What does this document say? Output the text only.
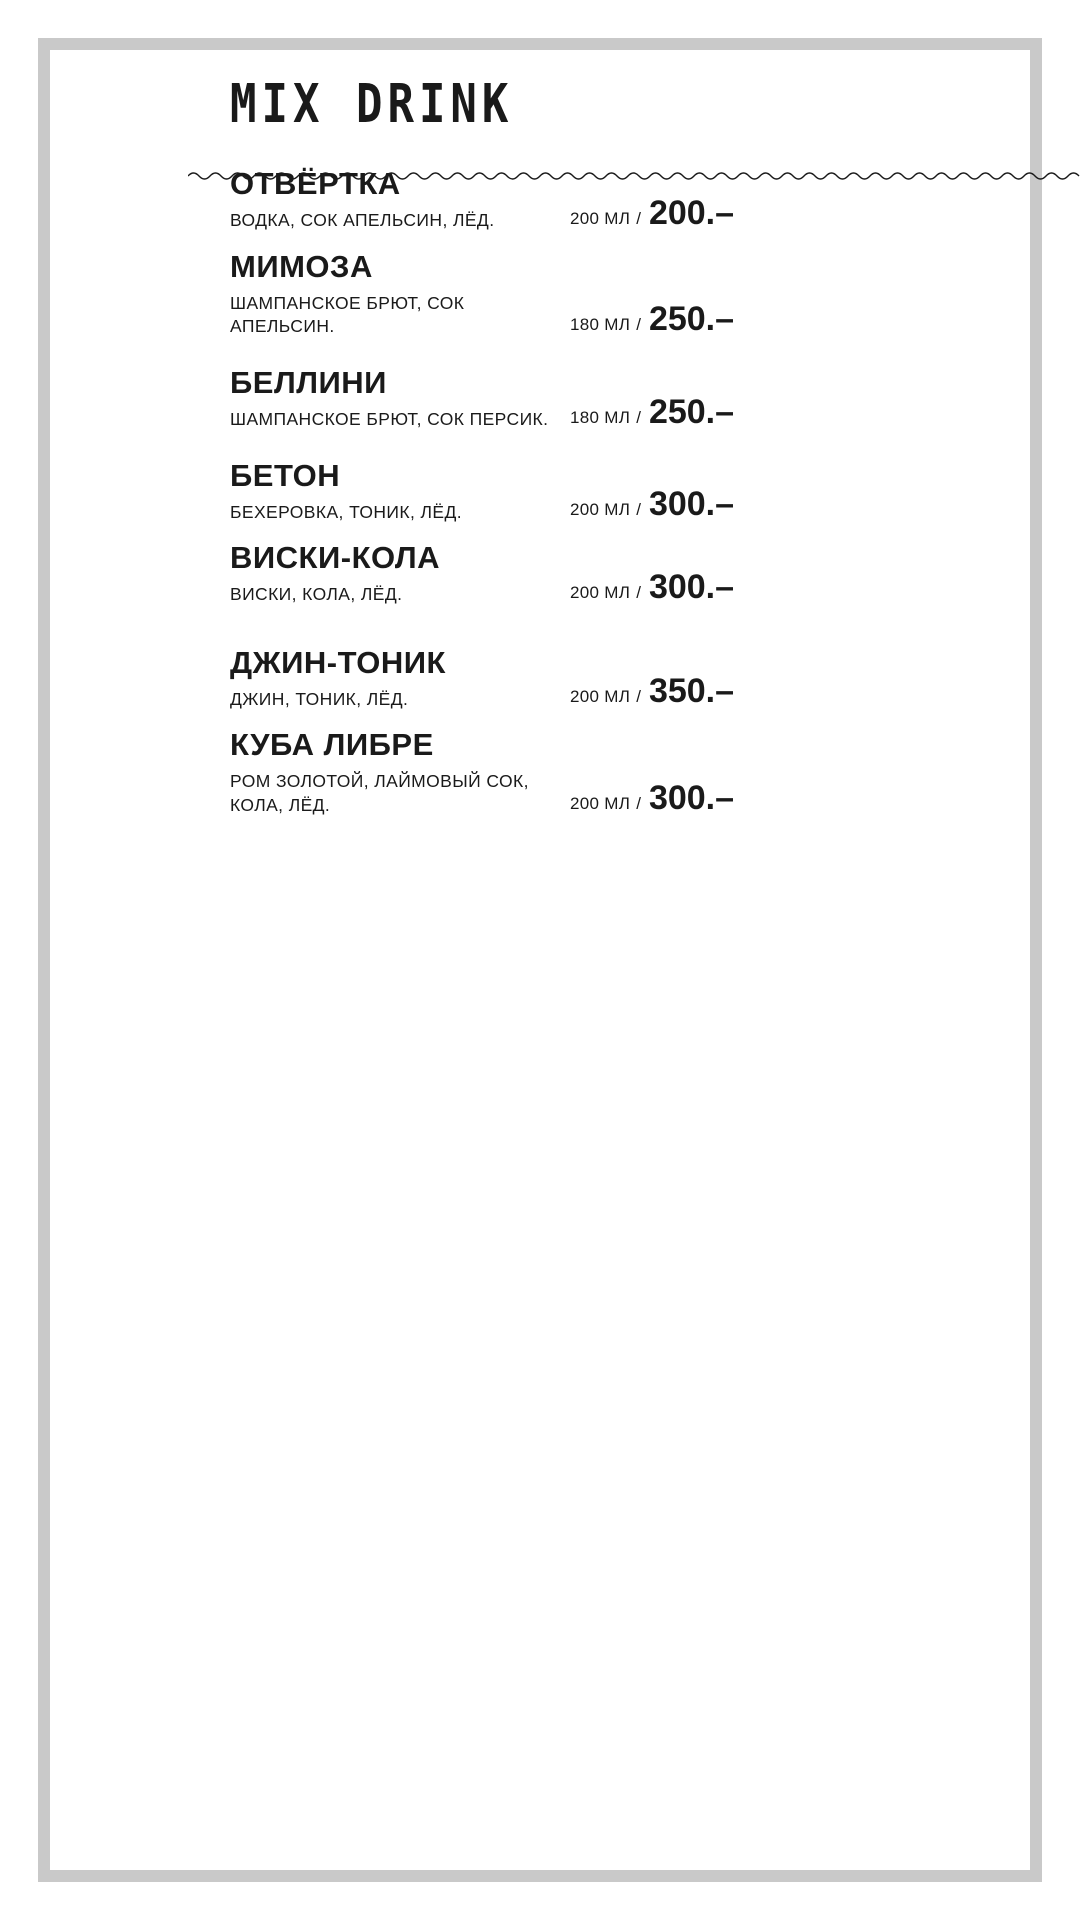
MIX DRINK
ОТВЁРТКА
200 МЛ / 200.–
ВОДКА, СОК АПЕЛЬСИН, ЛЁД.
МИМОЗА
180 МЛ / 250.–
ШАМПАНСКОЕ БРЮТ, СОК АПЕЛЬСИН.
БЕЛЛИНИ
180 МЛ / 250.–
ШАМПАНСКОЕ БРЮТ, СОК ПЕРСИК.
БЕТОН
200 МЛ / 300.–
БЕХЕРОВКА, ТОНИК, ЛЁД.
ВИСКИ-КОЛА
200 МЛ / 300.–
ВИСКИ, КОЛА, ЛЁД.
ДЖИН-ТОНИК
200 МЛ / 350.–
ДЖИН, ТОНИК, ЛЁД.
КУБА ЛИБРЕ
200 МЛ / 300.–
РОМ ЗОЛОТОЙ, ЛАЙМОВЫЙ СОК, КОЛА, ЛЁД.
